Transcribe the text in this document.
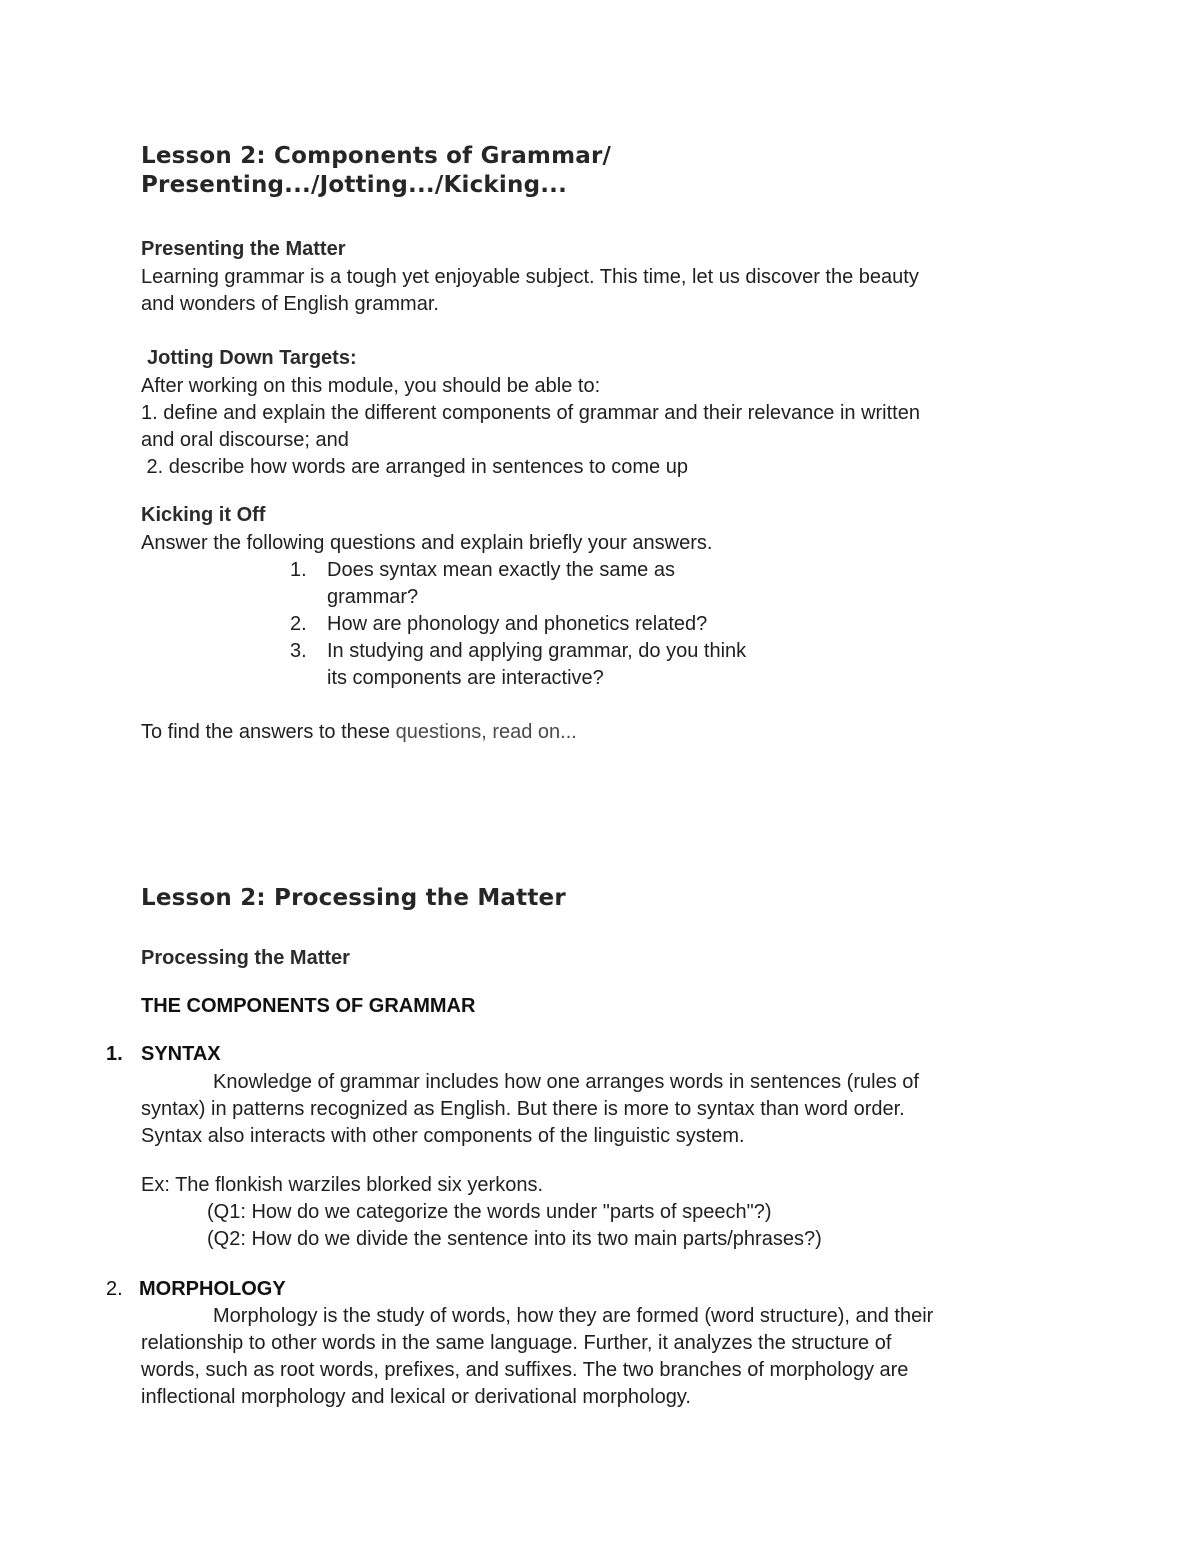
Lesson 2: Components of Grammar/
Presenting.../Jotting.../Kicking...
Presenting the Matter
Learning grammar is a tough yet enjoyable subject. This time, let us discover the beauty
and wonders of English grammar.
Jotting Down Targets:
After working on this module, you should be able to:
1. define and explain the different components of grammar and their relevance in written
and oral discourse; and
2. describe how words are arranged in sentences to come up
Kicking it Off
Answer the following questions and explain briefly your answers.
1. Does syntax mean exactly the same as
grammar?
2. How are phonology and phonetics related?
3. In studying and applying grammar, do you think
its components are interactive?
To find the answers to these questions, read on...
Lesson 2: Processing the Matter
Processing the Matter
THE COMPONENTS OF GRAMMAR
1. SYNTAX
Knowledge of grammar includes how one arranges words in sentences (rules of
syntax) in patterns recognized as English. But there is more to syntax than word order.
Syntax also interacts with other components of the linguistic system.
Ex: The flonkish warziles blorked six yerkons.
(Q1: How do we categorize the words under "parts of speech"?)
(Q2: How do we divide the sentence into its two main parts/phrases?)
2. MORPHOLOGY
Morphology is the study of words, how they are formed (word structure), and their
relationship to other words in the same language. Further, it analyzes the structure of
words, such as root words, prefixes, and suffixes. The two branches of morphology are
inflectional morphology and lexical or derivational morphology.
